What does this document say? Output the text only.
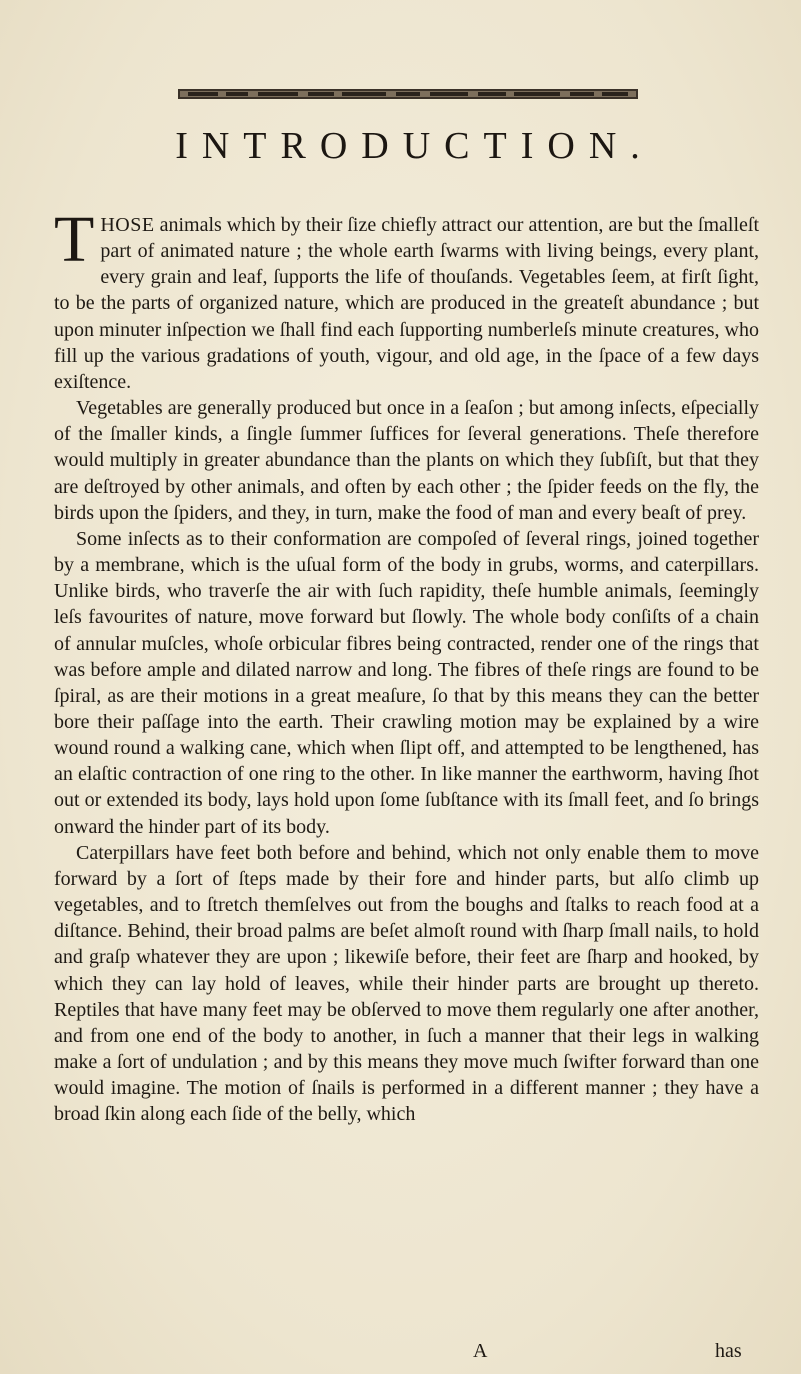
INTRODUCTION.

THOSE animals which by their ſize chiefly attract our attention, are but the ſmalleſt part of animated nature ; the whole earth ſwarms with living beings, every plant, every grain and leaf, ſupports the life of thouſands. Vegetables ſeem, at firſt ſight, to be the parts of organized nature, which are produced in the greateſt abundance ; but upon minuter inſpection we ſhall find each ſupporting numberleſs minute creatures, who fill up the various gradations of youth, vigour, and old age, in the ſpace of a few days exiſtence.

Vegetables are generally produced but once in a ſeaſon ; but among inſects, eſpecially of the ſmaller kinds, a ſingle ſummer ſuffices for ſeveral generations. Theſe therefore would multiply in greater abundance than the plants on which they ſubſiſt, but that they are deſtroyed by other animals, and often by each other ; the ſpider feeds on the fly, the birds upon the ſpiders, and they, in turn, make the food of man and every beaſt of prey.

Some inſects as to their conformation are compoſed of ſeveral rings, joined together by a membrane, which is the uſual form of the body in grubs, worms, and caterpillars. Unlike birds, who traverſe the air with ſuch rapidity, theſe humble animals, ſeemingly leſs favourites of nature, move forward but ſlowly. The whole body conſiſts of a chain of annular muſcles, whoſe orbicular fibres being contracted, render one of the rings that was before ample and dilated narrow and long. The fibres of theſe rings are found to be ſpiral, as are their motions in a great meaſure, ſo that by this means they can the better bore their paſſage into the earth. Their crawling motion may be explained by a wire wound round a walking cane, which when ſlipt off, and attempted to be lengthened, has an elaſtic contraction of one ring to the other. In like manner the earthworm, having ſhot out or extended its body, lays hold upon ſome ſubſtance with its ſmall feet, and ſo brings onward the hinder part of its body.

Caterpillars have feet both before and behind, which not only enable them to move forward by a ſort of ſteps made by their fore and hinder parts, but alſo climb up vegetables, and to ſtretch themſelves out from the boughs and ſtalks to reach food at a diſtance. Behind, their broad palms are beſet almoſt round with ſharp ſmall nails, to hold and graſp whatever they are upon ; likewiſe before, their feet are ſharp and hooked, by which they can lay hold of leaves, while their hinder parts are brought up thereto. Reptiles that have many feet may be obſerved to move them regularly one after another, and from one end of the body to another, in ſuch a manner that their legs in walking make a ſort of undulation ; and by this means they move much ſwifter forward than one would imagine. The motion of ſnails is performed in a different manner ; they have a broad ſkin along each ſide of the belly, which

A	has
